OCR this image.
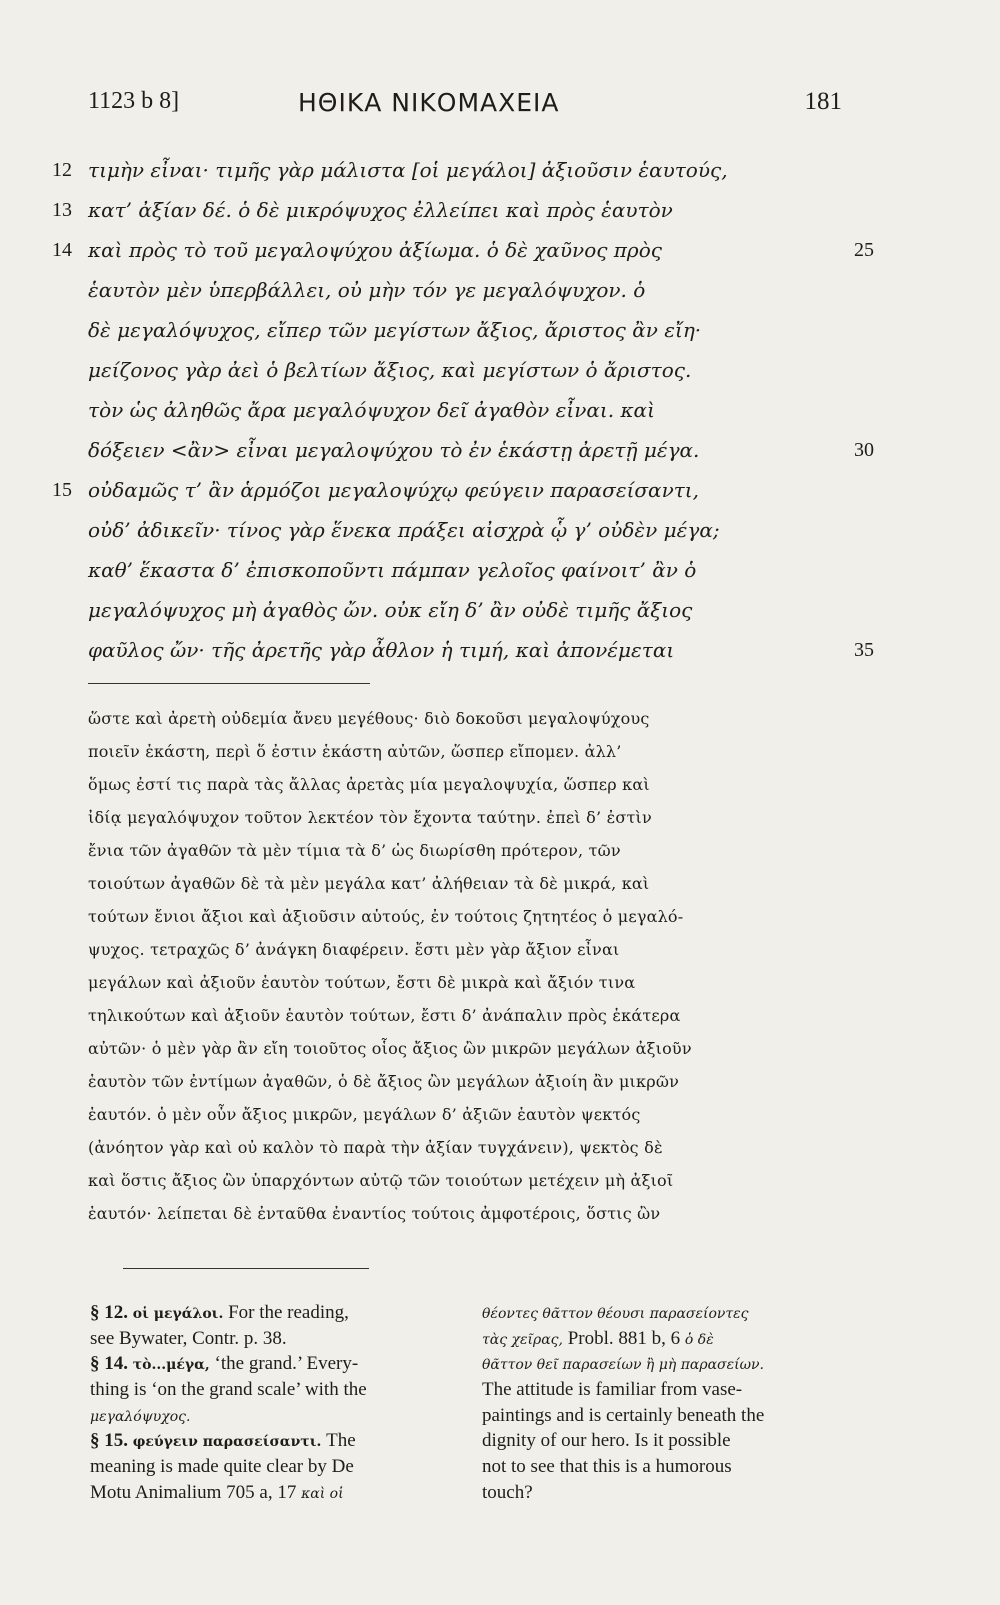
1123 b 8]	ΗΘΙΚΑ ΝΙΚΟΜΑΧΕΙΑ	181
12 τιμὴν εἶναι· τιμῆς γὰρ μάλιστα [οἱ μεγάλοι] ἀξιοῦσιν ἑαυτούς,
13 κατ’ ἀξίαν δέ. ὁ δὲ μικρόψυχος ἐλλείπει καὶ πρὸς ἑαυτὸν
14 καὶ πρὸς τὸ τοῦ μεγαλοψύχου ἀξίωμα. ὁ δὲ χαῦνος πρὸς	25
ἑαυτὸν μὲν ὑπερβάλλει, οὐ μὴν τόν γε μεγαλόψυχον. ὁ
δὲ μεγαλόψυχος, εἴπερ τῶν μεγίστων ἄξιος, ἄριστος ἂν εἴη·
μείζονος γὰρ ἀεὶ ὁ βελτίων ἄξιος, καὶ μεγίστων ὁ ἄριστος.
τὸν ὡς ἀληθῶς ἄρα μεγαλόψυχον δεῖ ἀγαθὸν εἶναι. καὶ
δόξειεν <ἂν> εἶναι μεγαλοψύχου τὸ ἐν ἑκάστῃ ἀρετῇ μέγα.	30
15 οὐδαμῶς τ’ ἂν ἁρμόζοι μεγαλοψύχῳ φεύγειν παρασείσαντι,
οὐδ’ ἀδικεῖν· τίνος γὰρ ἕνεκα πράξει αἰσχρὰ ᾧ γ’ οὐδὲν μέγα;
καθ’ ἕκαστα δ’ ἐπισκοποῦντι πάμπαν γελοῖος φαίνοιτ’ ἂν ὁ
μεγαλόψυχος μὴ ἀγαθὸς ὤν. οὐκ εἴη δ’ ἂν οὐδὲ τιμῆς ἄξιος
φαῦλος ὤν· τῆς ἀρετῆς γὰρ ἆθλον ἡ τιμή, καὶ ἀπονέμεται	35
ὥστε καὶ ἀρετὴ οὐδεμία ἄνευ μεγέθους· διὸ δοκοῦσι μεγαλοψύχους
ποιεῖν ἑκάστη, περὶ ὅ ἐστιν ἑκάστη αὐτῶν, ὥσπερ εἴπομεν. ἀλλ’
ὅμως ἐστί τις παρὰ τὰς ἄλλας ἀρετὰς μία μεγαλοψυχία, ὥσπερ καὶ
ἰδίᾳ μεγαλόψυχον τοῦτον λεκτέον τὸν ἔχοντα ταύτην. ἐπεὶ δ’ ἐστὶν
ἔνια τῶν ἀγαθῶν τὰ μὲν τίμια τὰ δ’ ὡς διωρίσθη πρότερον, τῶν
τοιούτων ἀγαθῶν δὲ τὰ μὲν μεγάλα κατ’ ἀλήθειαν τὰ δὲ μικρά, καὶ
τούτων ἔνιοι ἄξιοι καὶ ἀξιοῦσιν αὑτούς, ἐν τούτοις ζητητέος ὁ μεγαλό-
ψυχος. τετραχῶς δ’ ἀνάγκη διαφέρειν. ἔστι μὲν γὰρ ἄξιον εἶναι
μεγάλων καὶ ἀξιοῦν ἑαυτὸν τούτων, ἔστι δὲ μικρὰ καὶ ἄξιόν τινα
τηλικούτων καὶ ἀξιοῦν ἑαυτὸν τούτων, ἔστι δ’ ἀνάπαλιν πρὸς ἑκάτερα
αὐτῶν· ὁ μὲν γὰρ ἂν εἴη τοιοῦτος οἷος ἄξιος ὢν μικρῶν μεγάλων ἀξιοῦν
ἑαυτὸν τῶν ἐντίμων ἀγαθῶν, ὁ δὲ ἄξιος ὢν μεγάλων ἀξιοίη ἂν μικρῶν
ἑαυτόν. ὁ μὲν οὖν ἄξιος μικρῶν, μεγάλων δ’ ἀξιῶν ἑαυτὸν ψεκτός
(ἀνόητον γὰρ καὶ οὐ καλὸν τὸ παρὰ τὴν ἀξίαν τυγχάνειν), ψεκτὸς δὲ
καὶ ὅστις ἄξιος ὢν ὑπαρχόντων αὐτῷ τῶν τοιούτων μετέχειν μὴ ἀξιοῖ
ἑαυτόν· λείπεται δὲ ἐνταῦθα ἐναντίος τούτοις ἀμφοτέροις, ὅστις ὢν
§ 12. οἱ μεγάλοι. For the reading,
see Bywater, Contr. p. 38.
§ 14. τὸ...μέγα, ‘the grand.’ Every-
thing is ‘on the grand scale’ with the
μεγαλόψυχος.
§ 15. φεύγειν παρασείσαντι. The
meaning is made quite clear by De
Motu Animalium 705 a, 17 καὶ οἱ
θέοντες θᾶττον θέουσι παρασείοντες
τὰς χεῖρας, Probl. 881 b, 6 ὁ δὲ
θᾶττον θεῖ παρασείων ἢ μὴ παρασείων.
The attitude is familiar from vase-
paintings and is certainly beneath the
dignity of our hero. Is it possible
not to see that this is a humorous
touch?
